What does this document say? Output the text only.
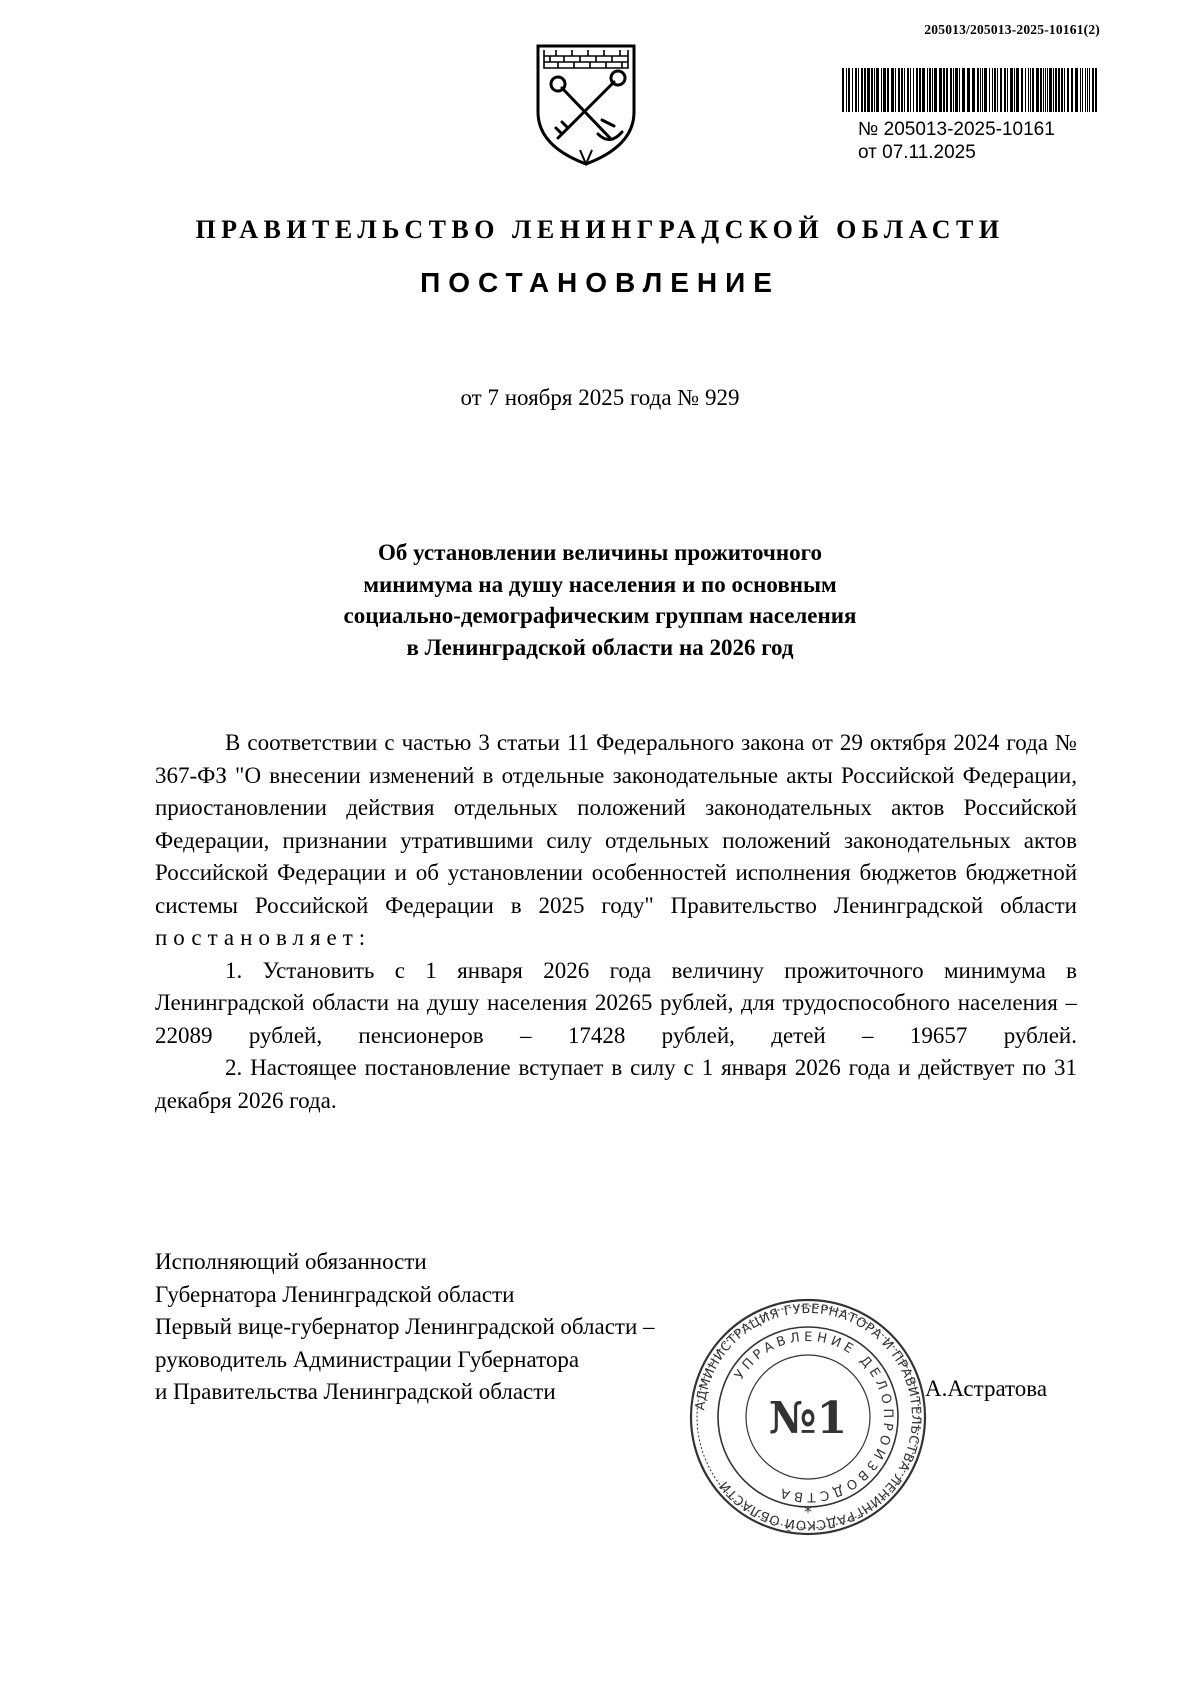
205013/205013-2025-10161(2)
№ 205013-2025-10161
от 07.11.2025
ПРАВИТЕЛЬСТВО ЛЕНИНГРАДСКОЙ ОБЛАСТИ
ПОСТАНОВЛЕНИЕ
от 7 ноября 2025 года № 929
Об установлении величины прожиточного
минимума на душу населения и по основным
социально-демографическим группам населения
в Ленинградской области на 2026 год

В соответствии с частью 3 статьи 11 Федерального закона от 29 октября 2024 года № 367-ФЗ "О внесении изменений в отдельные законодательные акты Российской Федерации, приостановлении действия отдельных положений законодательных актов Российской Федерации, признании утратившими силу отдельных положений законодательных актов Российской Федерации и об установлении особенностей исполнения бюджетов бюджетной системы Российской Федерации в 2025 году" Правительство Ленинградской области постановляет:

1. Установить с 1 января 2026 года величину прожиточного минимума в Ленинградской области на душу населения 20265 рублей, для трудоспособного населения – 22089 рублей, пенсионеров – 17428 рублей, детей – 19657 рублей.

2. Настоящее постановление вступает в силу с 1 января 2026 года и действует по 31 декабря 2026 года.

Исполняющий обязанности
Губернатора Ленинградской области
Первый вице-губернатор Ленинградской области –
руководитель Администрации Губернатора
и Правительства Ленинградской области	А.Астратова
АДМИНИСТРАЦИЯ ГУБЕРНАТОРА И ПРАВИТЕЛЬСТВА ЛЕНИНГРАДСКОЙ ОБЛАСТИ
УПРАВЛЕНИЕ ДЕЛОПРОИЗВОДСТВА
№1
*
